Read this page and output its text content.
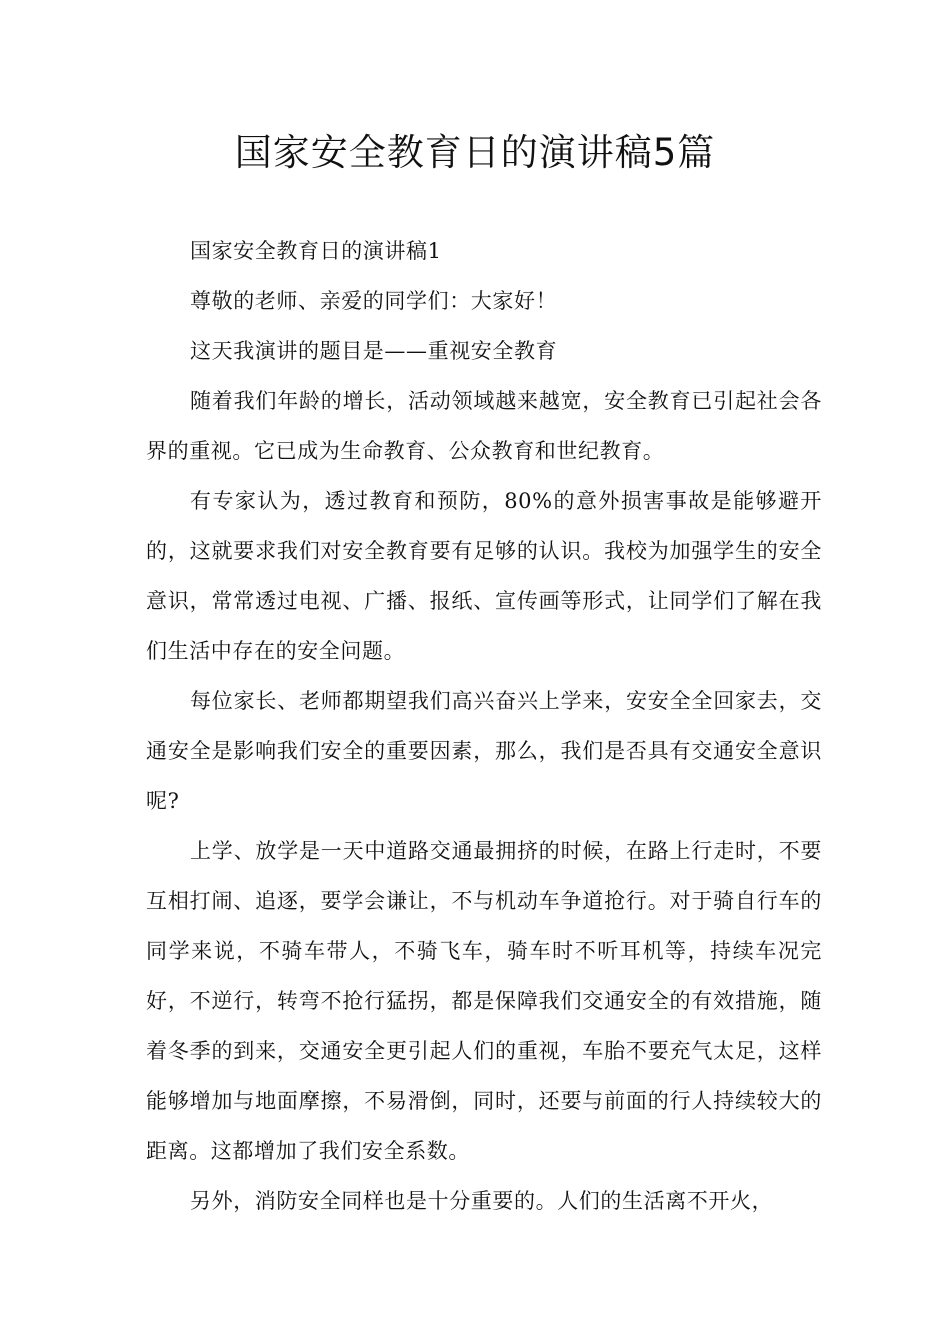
国家安全教育日的演讲稿5篇

国家安全教育日的演讲稿1

尊敬的老师、亲爱的同学们：大家好！

这天我演讲的题目是——重视安全教育

随着我们年龄的增长，活动领域越来越宽，安全教育已引起社会各界的重视。它已成为生命教育、公众教育和世纪教育。

有专家认为，透过教育和预防，80%的意外损害事故是能够避开的，这就要求我们对安全教育要有足够的认识。我校为加强学生的安全意识，常常透过电视、广播、报纸、宣传画等形式，让同学们了解在我们生活中存在的安全问题。

每位家长、老师都期望我们高兴奋兴上学来，安安全全回家去，交通安全是影响我们安全的重要因素，那么，我们是否具有交通安全意识呢?

上学、放学是一天中道路交通最拥挤的时候，在路上行走时，不要互相打闹、追逐，要学会谦让，不与机动车争道抢行。对于骑自行车的同学来说，不骑车带人，不骑飞车，骑车时不听耳机等，持续车况完好，不逆行，转弯不抢行猛拐，都是保障我们交通安全的有效措施，随着冬季的到来，交通安全更引起人们的重视，车胎不要充气太足，这样能够增加与地面摩擦，不易滑倒，同时，还要与前面的行人持续较大的距离。这都增加了我们安全系数。

另外，消防安全同样也是十分重要的。人们的生活离不开火，
